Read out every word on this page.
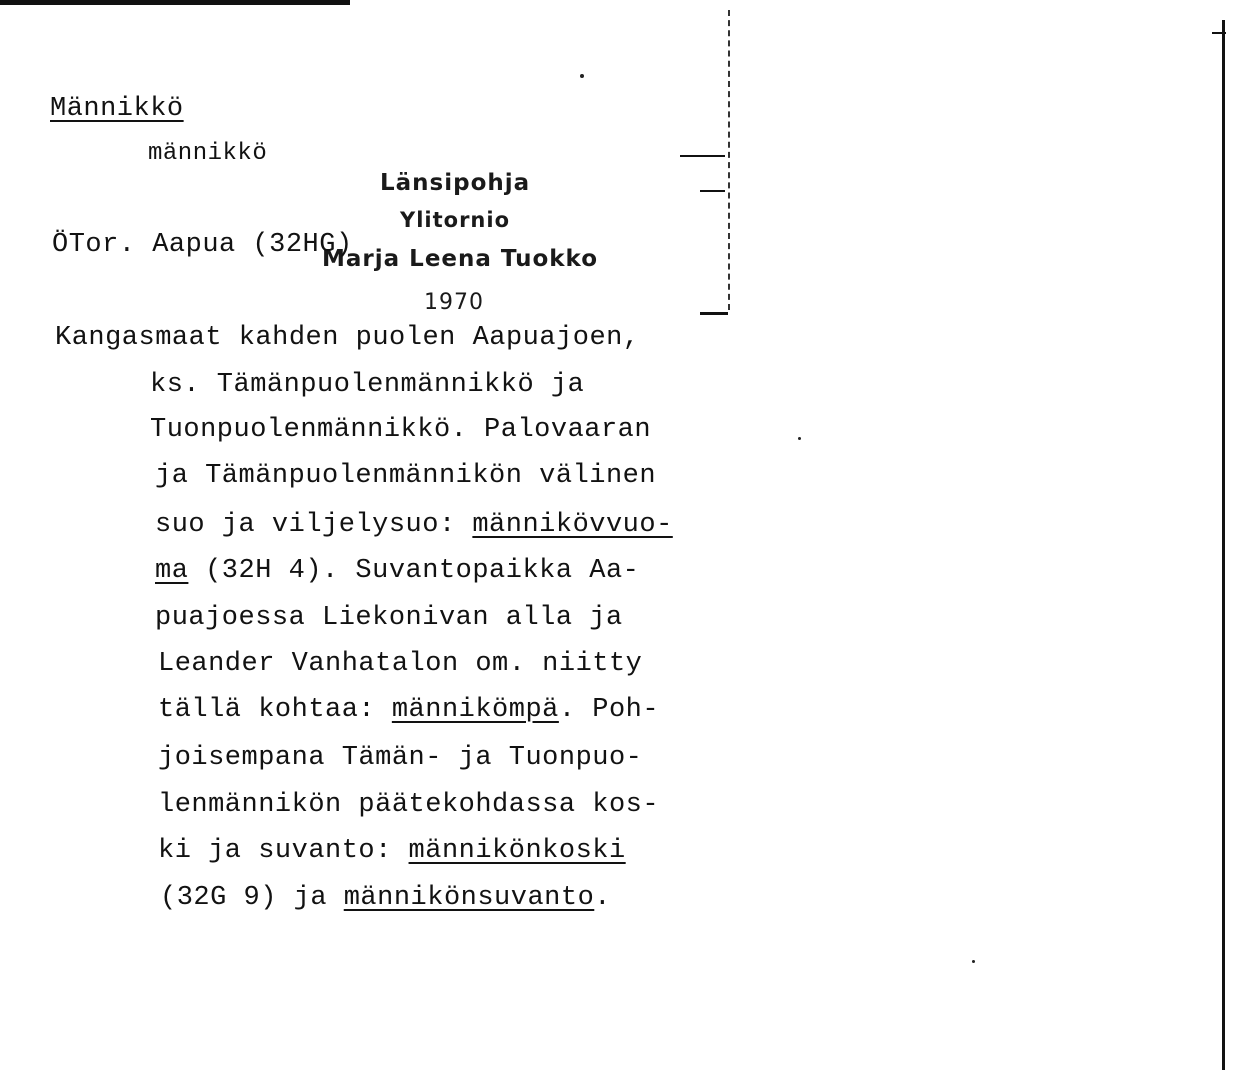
Männikkö
männikkö
Länsipohja
Ylitornio
Marja Leena Tuokko
1970
ÖTor. Aapua (32HG)
Kangasmaat kahden puolen Aapuajoen,
ks. Tämänpuolenmännikkö ja
Tuonpuolenmännikkö. Palovaaran
ja Tämänpuolenmännikön välinen
suo ja viljelysuo: männikövvuo-
ma (32H 4). Suvantopaikka Aa-
puajoessa Liekonivan alla ja
Leander Vanhatalon om. niitty
tällä kohtaa: männikömpä. Poh-
joisempana Tämän- ja Tuonpuo-
lenmännikön päätekohdassa kos-
ki ja suvanto: männikönkoski
(32G 9) ja männikönsuvanto.
